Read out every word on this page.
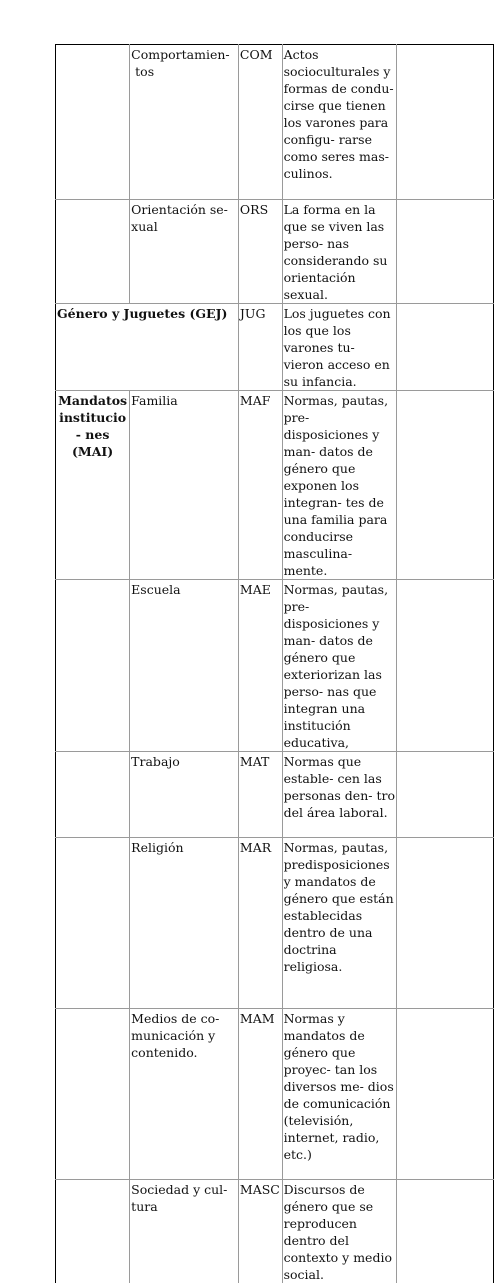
	Comportamien- tos	COM	Actos socioculturales y formas de condu- cirse que tienen los varones para configu- rarse como seres mas- culinos.	
	Orientación se- xual	ORS	La forma en la que se viven las perso- nas considerando su orientación sexual.	
Género y Juguetes (GEJ)		JUG	Los juguetes con los que los varones tu- vieron acceso en su infancia.	
Mandatos institucio- nes (MAI)	Familia	MAF	Normas, pautas, pre- disposiciones y man- datos de género que exponen los integran- tes de una familia para conducirse masculina- mente.	
	Escuela	MAE	Normas, pautas, pre- disposiciones y man- datos de género que exteriorizan las perso- nas que integran una institución educativa,	
	Trabajo	MAT	Normas que estable- cen las personas den- tro del área laboral.	
	Religión	MAR	Normas, pautas, predisposiciones y mandatos de género que están establecidas dentro de una doctrina religiosa.	
	Medios de co- municación y contenido.	MAM	Normas y mandatos de género que proyec- tan los diversos me- dios de comunicación (televisión, internet, radio, etc.)	
	Sociedad y cul- tura	MASC	Discursos de género que se reproducen dentro del contexto y medio social.	
